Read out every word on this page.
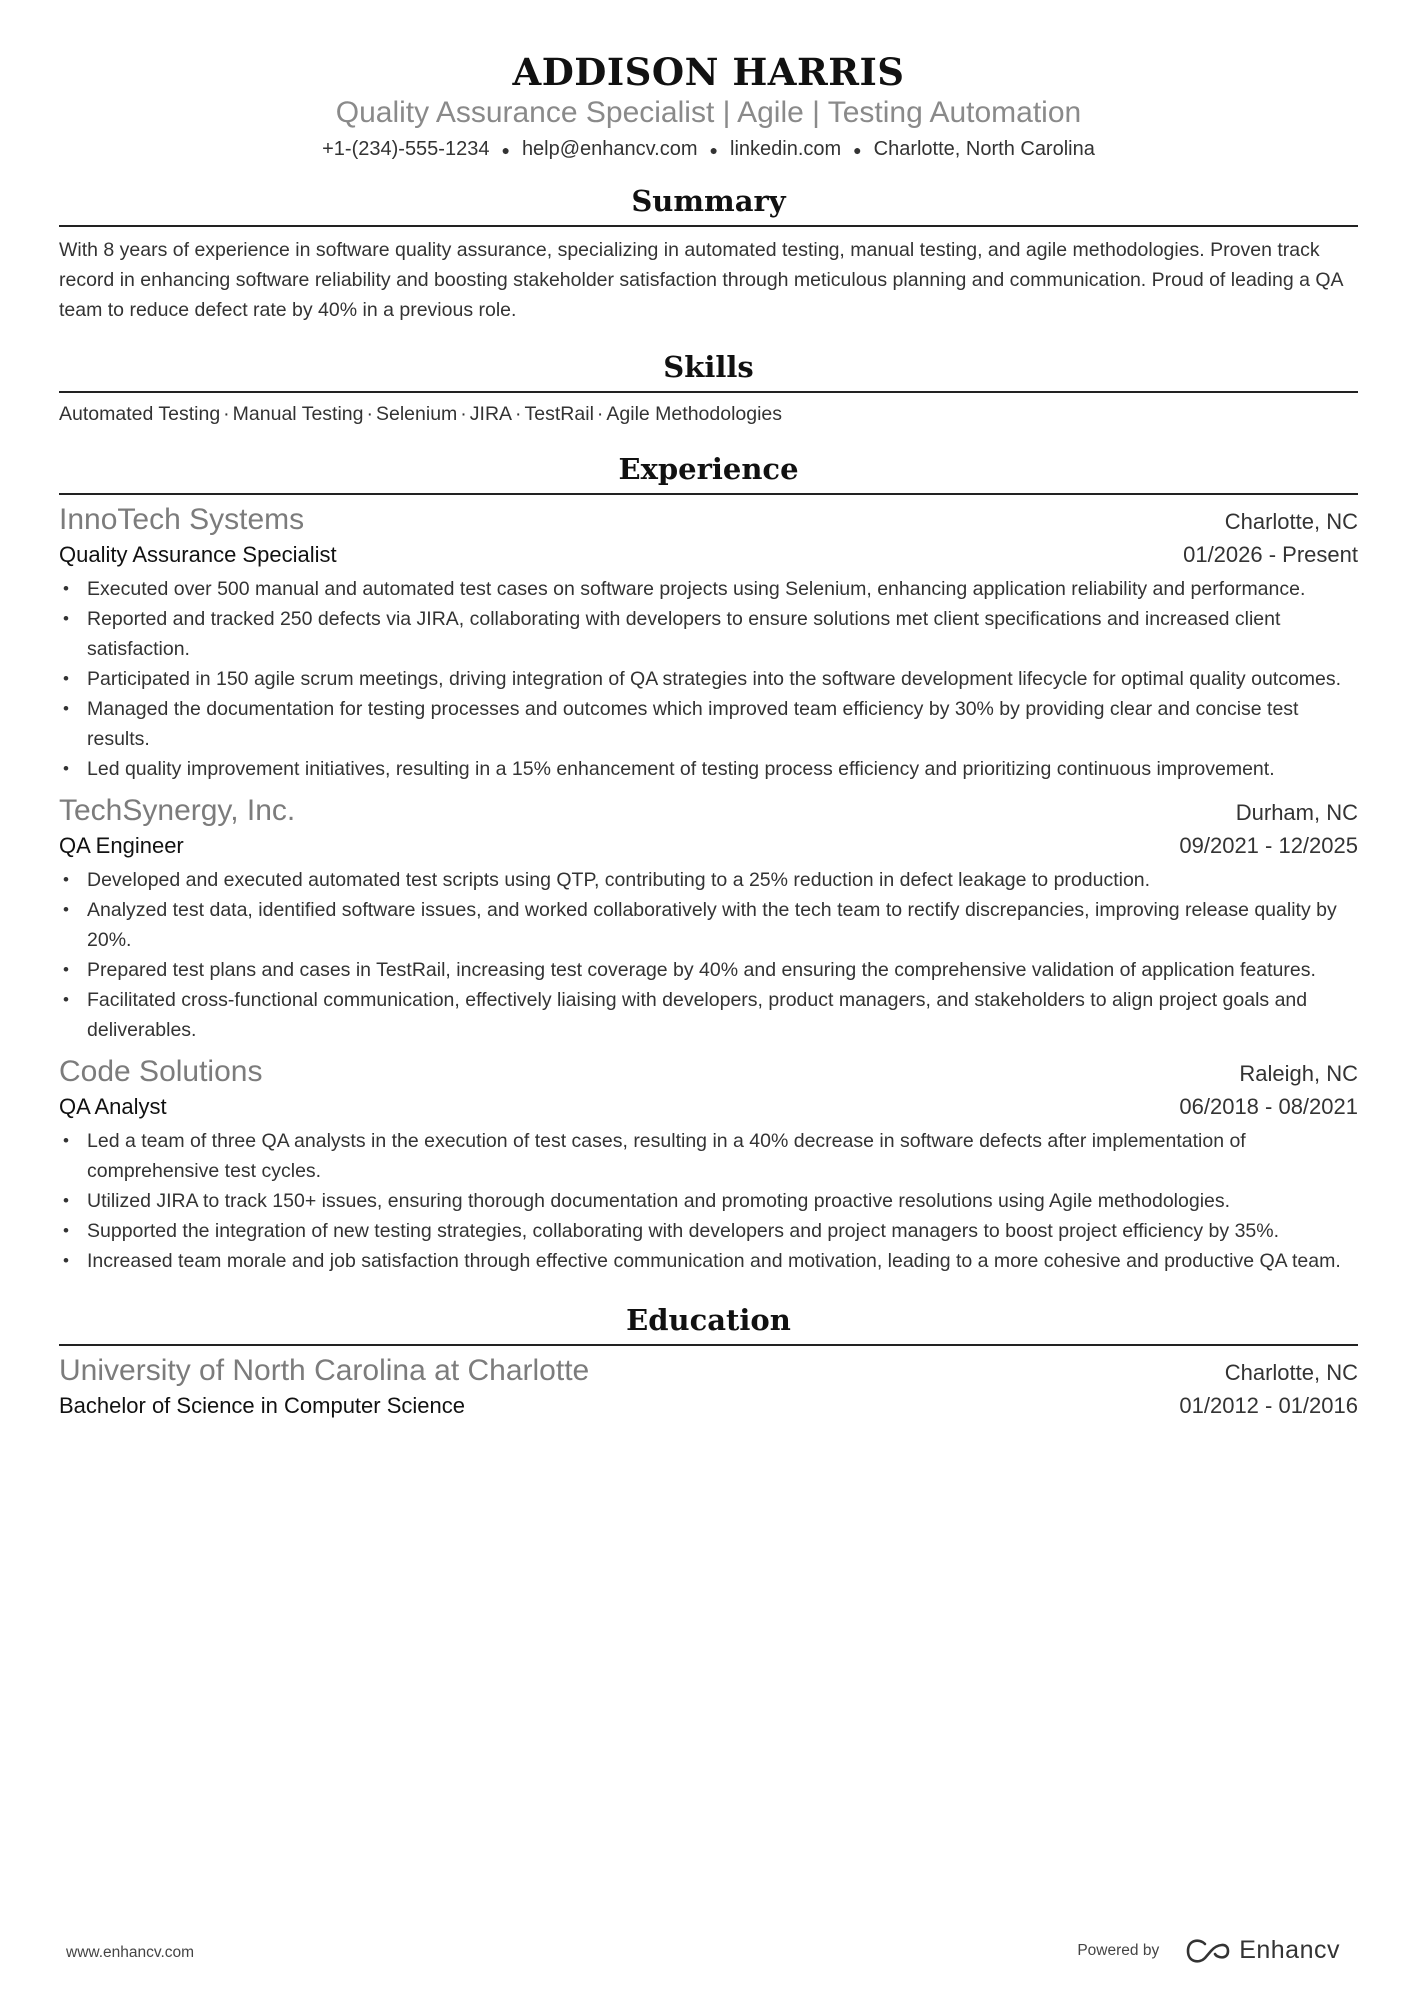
ADDISON HARRIS
Quality Assurance Specialist | Agile | Testing Automation
+1-(234)-555-1234 ● help@enhancv.com ● linkedin.com ● Charlotte, North Carolina
Summary
With 8 years of experience in software quality assurance, specializing in automated testing, manual testing, and agile methodologies. Proven track record in enhancing software reliability and boosting stakeholder satisfaction through meticulous planning and communication. Proud of leading a QA team to reduce defect rate by 40% in a previous role.
Skills
Automated Testing · Manual Testing · Selenium · JIRA · TestRail · Agile Methodologies
Experience
InnoTech Systems	Charlotte, NC
Quality Assurance Specialist	01/2026 - Present
• Executed over 500 manual and automated test cases on software projects using Selenium, enhancing application reliability and performance.
• Reported and tracked 250 defects via JIRA, collaborating with developers to ensure solutions met client specifications and increased client satisfaction.
• Participated in 150 agile scrum meetings, driving integration of QA strategies into the software development lifecycle for optimal quality outcomes.
• Managed the documentation for testing processes and outcomes which improved team efficiency by 30% by providing clear and concise test results.
• Led quality improvement initiatives, resulting in a 15% enhancement of testing process efficiency and prioritizing continuous improvement.
TechSynergy, Inc.	Durham, NC
QA Engineer	09/2021 - 12/2025
• Developed and executed automated test scripts using QTP, contributing to a 25% reduction in defect leakage to production.
• Analyzed test data, identified software issues, and worked collaboratively with the tech team to rectify discrepancies, improving release quality by 20%.
• Prepared test plans and cases in TestRail, increasing test coverage by 40% and ensuring the comprehensive validation of application features.
• Facilitated cross-functional communication, effectively liaising with developers, product managers, and stakeholders to align project goals and deliverables.
Code Solutions	Raleigh, NC
QA Analyst	06/2018 - 08/2021
• Led a team of three QA analysts in the execution of test cases, resulting in a 40% decrease in software defects after implementation of comprehensive test cycles.
• Utilized JIRA to track 150+ issues, ensuring thorough documentation and promoting proactive resolutions using Agile methodologies.
• Supported the integration of new testing strategies, collaborating with developers and project managers to boost project efficiency by 35%.
• Increased team morale and job satisfaction through effective communication and motivation, leading to a more cohesive and productive QA team.
Education
University of North Carolina at Charlotte	Charlotte, NC
Bachelor of Science in Computer Science	01/2012 - 01/2016
www.enhancv.com	Powered by	Enhancv
